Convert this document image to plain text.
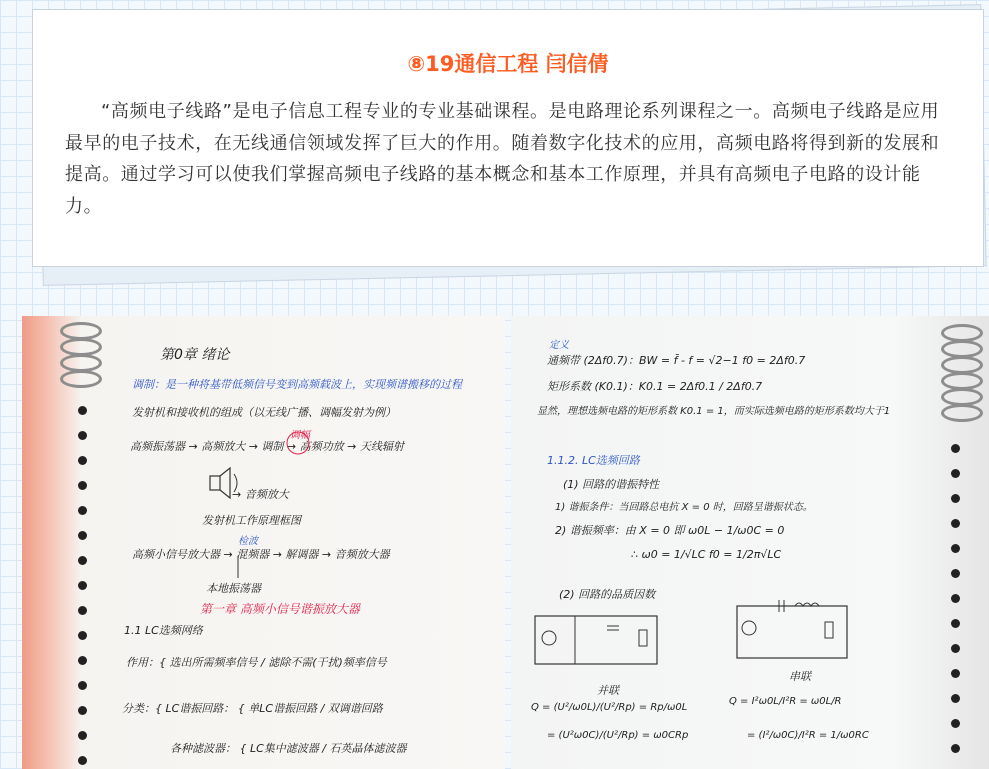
⑧19通信工程 闫信倩
“高频电子线路”是电子信息工程专业的专业基础课程。是电路理论系列课程之一。高频电子线路是应用最早的电子技术，在无线通信领域发挥了巨大的作用。随着数字化技术的应用，高频电路将得到新的发展和提高。通过学习可以使我们掌握高频电子线路的基本概念和基本工作原理，并具有高频电子电路的设计能力。
第0章 绪论
调制：是一种将基带低频信号变到高频载波上，实现频谱搬移的过程
发射机和接收机的组成（以无线广播、调幅发射为例）
调幅
高频振荡器 → 高频放大 → 调制 → 高频功放 → 天线辐射
→ 音频放大
发射机工作原理框图
检波
高频小信号放大器 → 混频器 → 解调器 → 音频放大器
本地振荡器
第一章 高频小信号谐振放大器
1.1 LC选频网络
作用：{ 选出所需频率信号 / 滤除不需(干扰)频率信号
分类：{ LC谐振回路： { 单LC谐振回路 / 双调谐回路
各种滤波器： { LC集中滤波器 / 石英晶体滤波器
定义
通频带 (2Δf0.7)：BW = f̄ - f = √2−1 f0 = 2Δf0.7
矩形系数 (K0.1)：K0.1 = 2Δf0.1 / 2Δf0.7
显然，理想选频电路的矩形系数 K0.1 = 1，而实际选频电路的矩形系数均大于1
1.1.2. LC选频回路
(1) 回路的谐振特性
1) 谐振条件：当回路总电抗 X = 0 时，回路呈谐振状态。
2) 谐振频率：由 X = 0 即 ω0L − 1/ω0C = 0
∴ ω0 = 1/√LC f0 = 1/2π√LC
(2) 回路的品质因数
并联
串联
Q = (U²/ω0L)/(U²/Rp) = Rp/ω0L
= (U²ω0C)/(U²/Rp) = ω0CRp
Q = I²ω0L/I²R = ω0L/R
= (I²/ω0C)/I²R = 1/ω0RC
